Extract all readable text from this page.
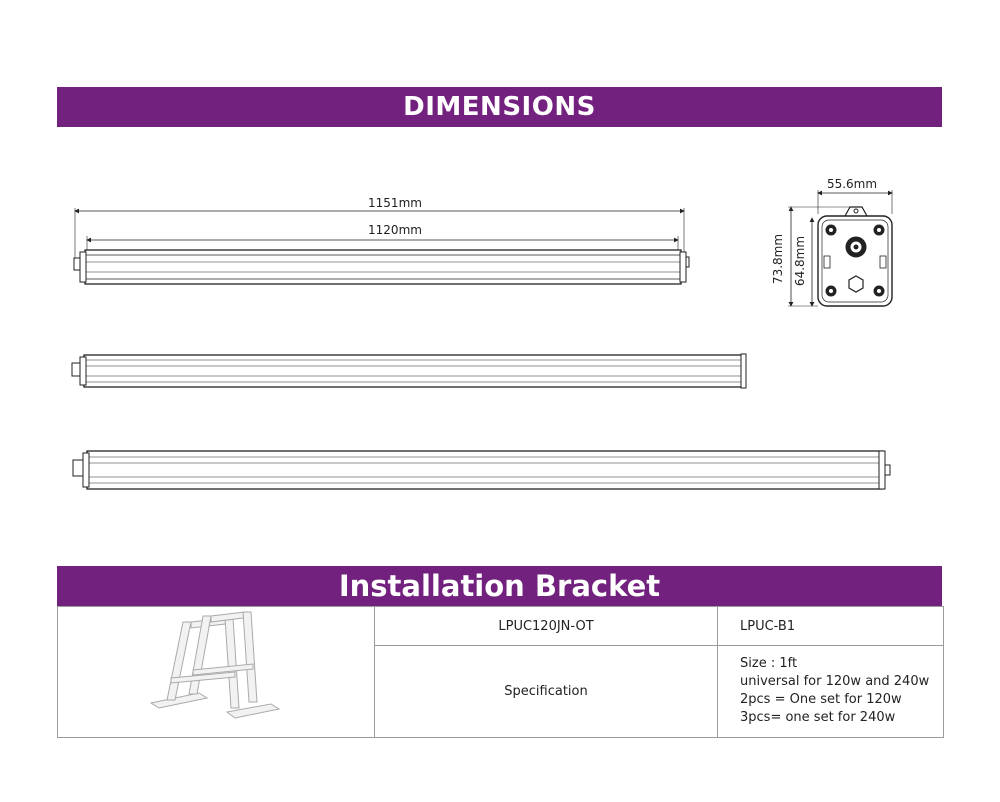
DIMENSIONS
1151mm
1120mm
55.6mm
73.8mm 64.8mm
Installation Bracket
	LPUC120JN-OT	LPUC-B1
	Specification	Size : 1ft
universal for 120w and 240w
2pcs = One set for 120w
3pcs= one set for 240w
